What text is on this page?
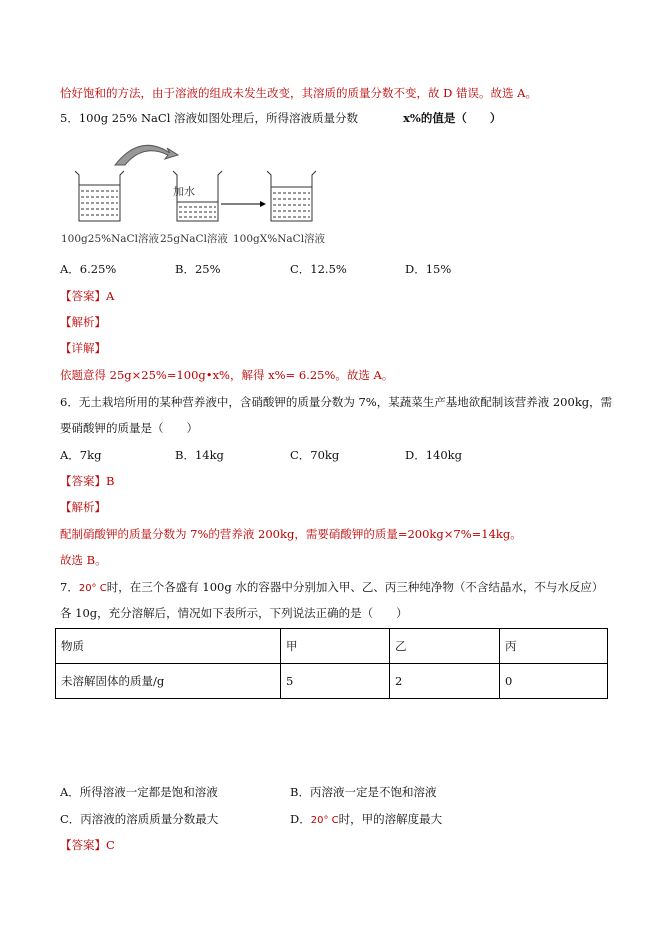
恰好饱和的方法，由于溶液的组成未发生改变，其溶质的质量分数不变，故 D 错误。故选 A。
5．100g 25% NaCl 溶液如图处理后，所得溶液质量分数	x%的值是（　　）
加水
100g25%NaCl溶液 25gNaCl溶液 100gX%NaCl溶液
A．6.25%	B．25%	C．12.5%	D．15%
【答案】A
【解析】
【详解】
依题意得 25g×25%=100g•x%，解得 x%= 6.25%。故选 A。
6．无土栽培所用的某种营养液中，含硝酸钾的质量分数为 7%，某蔬菜生产基地欲配制该营养液 200kg，需
要硝酸钾的质量是（　　）
A．7kg	B．14kg	C．70kg	D．140kg
【答案】B
【解析】
配制硝酸钾的质量分数为 7%的营养液 200kg，需要硝酸钾的质量=200kg×7%=14kg。
故选 B。
7．20° C时，在三个各盛有 100g 水的容器中分别加入甲、乙、丙三种纯净物（不含结晶水，不与水反应）
各 10g，充分溶解后，情况如下表所示，下列说法正确的是（　　）
物质	甲	乙	丙
未溶解固体的质量/g	5	2	0
A．所得溶液一定都是饱和溶液	B．丙溶液一定是不饱和溶液
C．丙溶液的溶质质量分数最大	D．20° C时，甲的溶解度最大
【答案】C
